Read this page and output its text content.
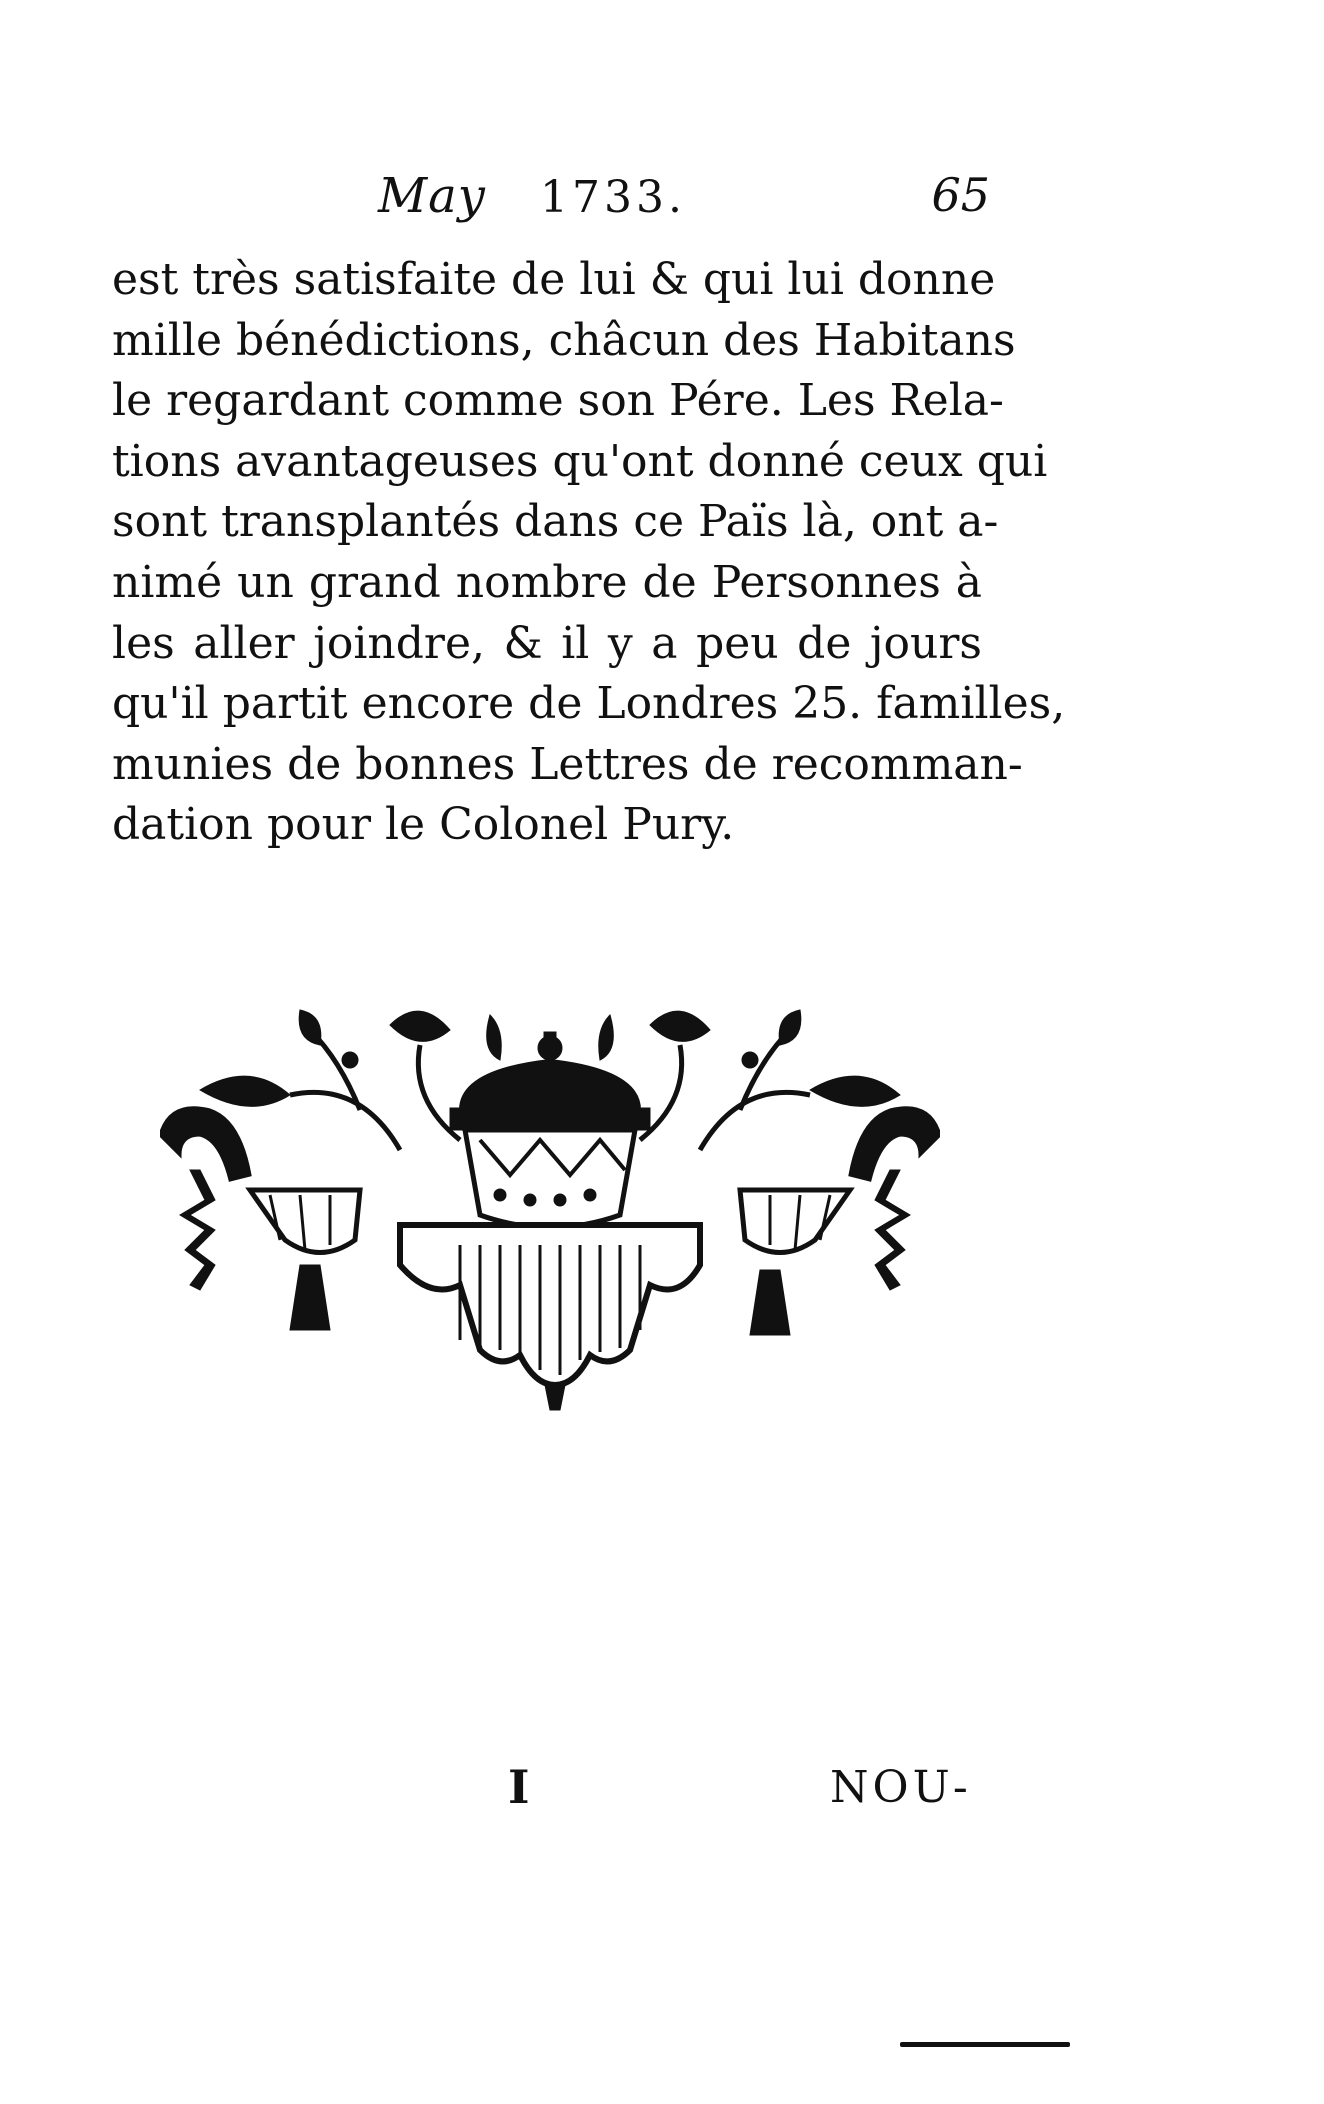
May 1733.	65
est très satisfaite de lui & qui lui donne
mille bénédictions, châcun des Habitans
le regardant comme son Pére. Les Rela-
tions avantageuses qu'ont donné ceux qui
sont transplantés dans ce Païs là, ont a-
nimé un grand nombre de Personnes à
les aller joindre, & il y a peu de jours
qu'il partit encore de Londres 25. familles,
munies de bonnes Lettres de recomman-
dation pour le Colonel Pury.
I	NOU-
